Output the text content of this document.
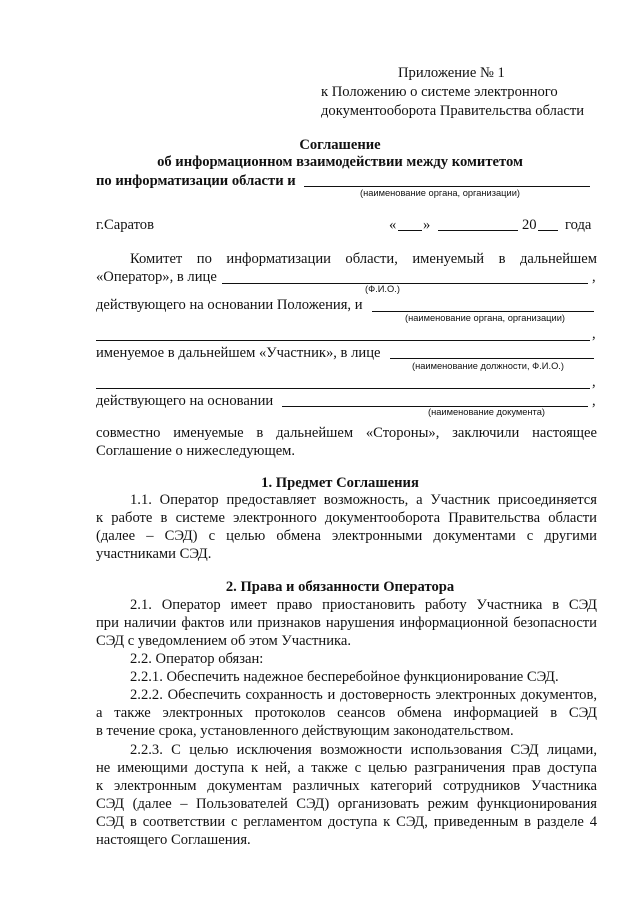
Приложение № 1
к Положению о системе электронного
документооборота Правительства области
Соглашение
об информационном взаимодействии между комитетом
по информатизации области и
(наименование органа, организации)
г.Саратов	« »	20 года
Комитет по информатизации области, именуемый в дальнейшем
«Оператор», в лице	,
(Ф.И.О.)
действующего на основании Положения, и
(наименование органа, организации)
,
именуемое в дальнейшем «Участник», в лице
(наименование должности, Ф.И.О.)
,
действующего на основании	,
(наименование документа)
совместно именуемые в дальнейшем «Стороны», заключили настоящее
Соглашение о нижеследующем.
1. Предмет Соглашения
1.1. Оператор предоставляет возможность, а Участник присоединяется
к работе в системе электронного документооборота Правительства области
(далее – СЭД) с целью обмена электронными документами с другими
участниками СЭД.
2. Права и обязанности Оператора
2.1. Оператор имеет право приостановить работу Участника в СЭД
при наличии фактов или признаков нарушения информационной безопасности
СЭД с уведомлением об этом Участника.
2.2. Оператор обязан:
2.2.1. Обеспечить надежное бесперебойное функционирование СЭД.
2.2.2. Обеспечить сохранность и достоверность электронных документов,
а также электронных протоколов сеансов обмена информацией в СЭД
в течение срока, установленного действующим законодательством.
2.2.3. С целью исключения возможности использования СЭД лицами,
не имеющими доступа к ней, а также с целью разграничения прав доступа
к электронным документам различных категорий сотрудников Участника
СЭД (далее – Пользователей СЭД) организовать режим функционирования
СЭД в соответствии с регламентом доступа к СЭД, приведенным в разделе 4
настоящего Соглашения.
